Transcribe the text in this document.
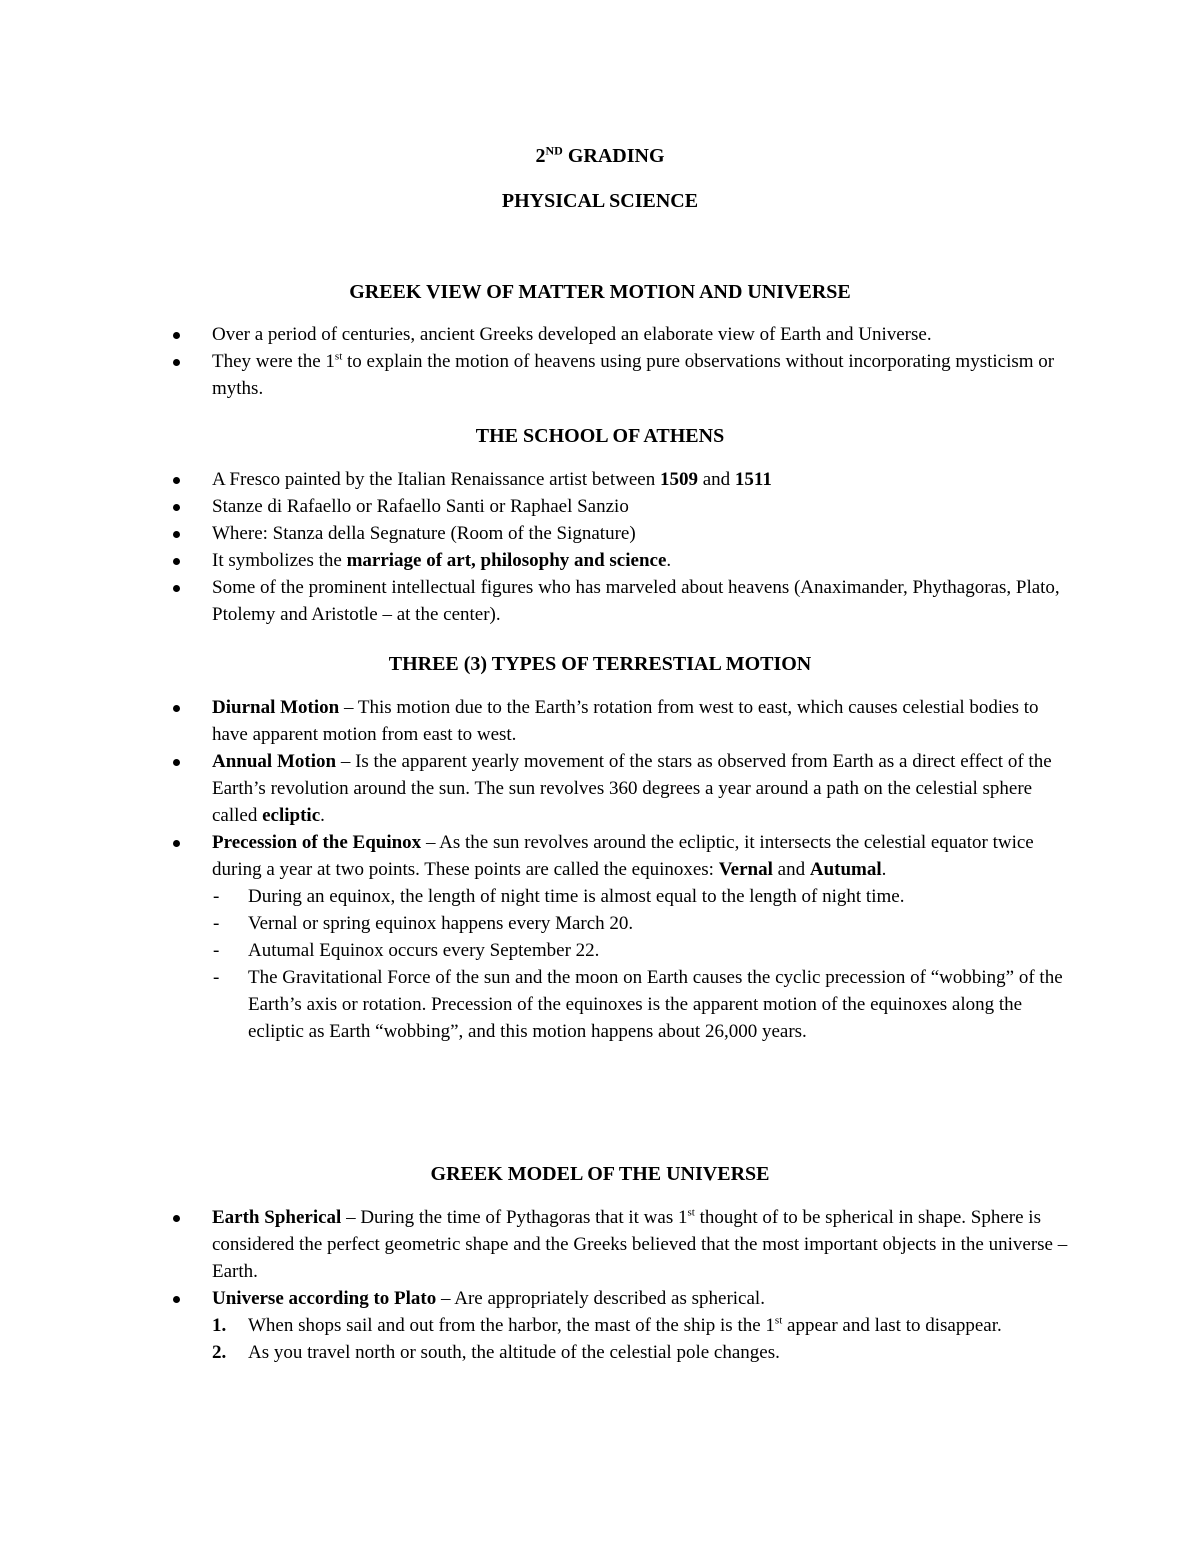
2ND GRADING
PHYSICAL SCIENCE
GREEK VIEW OF MATTER MOTION AND UNIVERSE
Over a period of centuries, ancient Greeks developed an elaborate view of Earth and Universe.
They were the 1st to explain the motion of heavens using pure observations without incorporating mysticism or myths.
THE SCHOOL OF ATHENS
A Fresco painted by the Italian Renaissance artist between 1509 and 1511
Stanze di Rafaello or Rafaello Santi or Raphael Sanzio
Where: Stanza della Segnature (Room of the Signature)
It symbolizes the marriage of art, philosophy and science.
Some of the prominent intellectual figures who has marveled about heavens (Anaximander, Phythagoras, Plato, Ptolemy and Aristotle – at the center).
THREE (3) TYPES OF TERRESTIAL MOTION
Diurnal Motion – This motion due to the Earth’s rotation from west to east, which causes celestial bodies to have apparent motion from east to west.
Annual Motion – Is the apparent yearly movement of the stars as observed from Earth as a direct effect of the Earth’s revolution around the sun. The sun revolves 360 degrees a year around a path on the celestial sphere called ecliptic.
Precession of the Equinox – As the sun revolves around the ecliptic, it intersects the celestial equator twice during a year at two points. These points are called the equinoxes: Vernal and Autumal.
-	During an equinox, the length of night time is almost equal to the length of night time.
-	Vernal or spring equinox happens every March 20.
-	Autumal Equinox occurs every September 22.
-	The Gravitational Force of the sun and the moon on Earth causes the cyclic precession of “wobbing” of the Earth’s axis or rotation. Precession of the equinoxes is the apparent motion of the equinoxes along the ecliptic as Earth “wobbing”, and this motion happens about 26,000 years.
GREEK MODEL OF THE UNIVERSE
Earth Spherical – During the time of Pythagoras that it was 1st thought of to be spherical in shape. Sphere is considered the perfect geometric shape and the Greeks believed that the most important objects in the universe – Earth.
Universe according to Plato – Are appropriately described as spherical.
1.	When shops sail and out from the harbor, the mast of the ship is the 1st appear and last to disappear.
2.	As you travel north or south, the altitude of the celestial pole changes.
